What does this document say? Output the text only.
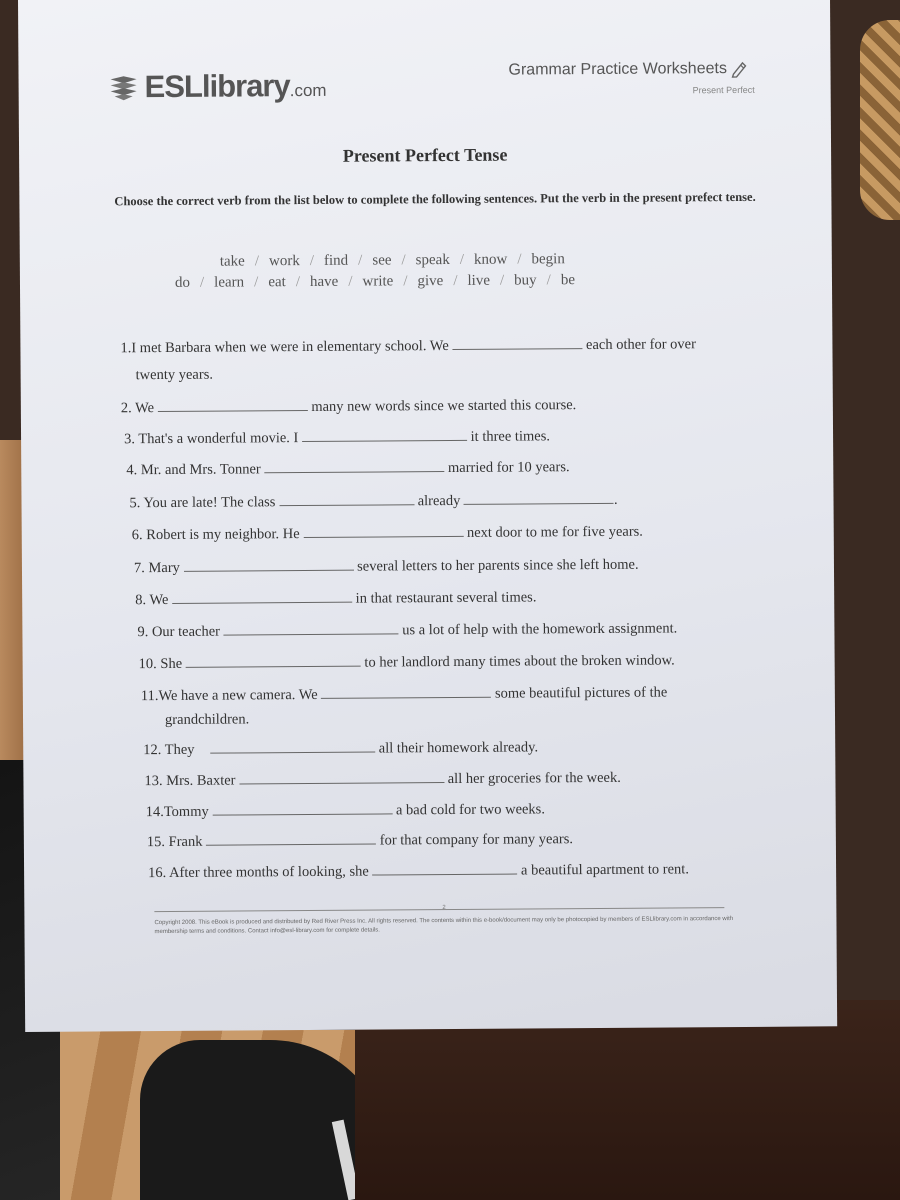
ESLlibrary .com
Grammar Practice Worksheets
Present Perfect
Present Perfect Tense
Choose the correct verb from the list below to complete the following sentences. Put the verb in the present prefect tense.
take / work / find / see / speak / know / begin
do / learn / eat / have / write / give / live / buy / be
1.I met Barbara when we were in elementary school. We	each other for over
twenty years.
2. We	many new words since we started this course.
3. That's a wonderful movie. I	it three times.
4. Mr. and Mrs. Tonner	married for 10 years.
5. You are late! The class	already	.
6. Robert is my neighbor. He	next door to me for five years.
7. Mary	several letters to her parents since she left home.
8. We	in that restaurant several times.
9. Our teacher	us a lot of help with the homework assignment.
10. She	to her landlord many times about the broken window.
11.We have a new camera. We	some beautiful pictures of the
grandchildren.
12. They	all their homework already.
13. Mrs. Baxter	all her groceries for the week.
14.Tommy	a bad cold for two weeks.
15. Frank	for that company for many years.
16. After three months of looking, she	a beautiful apartment to rent.
2
Copyright 2008. This eBook is produced and distributed by Red River Press Inc. All rights reserved. The contents within this e-book/document may only be photocopied by members of ESLlibrary.com in accordance with membership terms and conditions. Contact info@esl-library.com for complete details.
